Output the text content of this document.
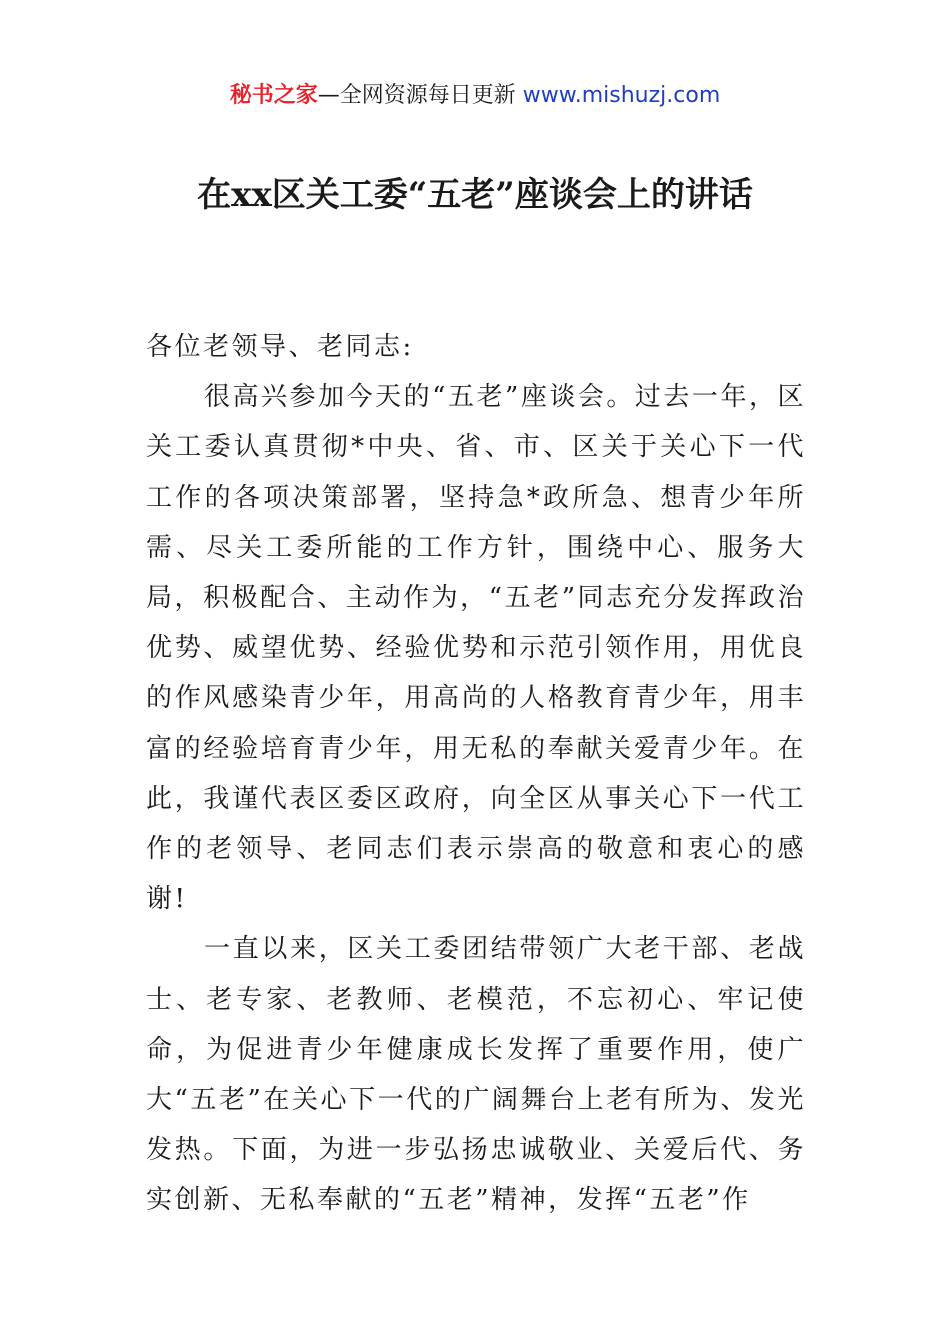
秘书之家—全网资源每日更新 www.mishuzj.com
在xx区关工委“五老”座谈会上的讲话

各位老领导、老同志:

很高兴参加今天的“五老”座谈会。过去一年，区关工委认真贯彻*中央、省、市、区关于关心下一代工作的各项决策部署，坚持急*政所急、想青少年所需、尽关工委所能的工作方针，围绕中心、服务大局，积极配合、主动作为，“五老”同志充分发挥政治优势、威望优势、经验优势和示范引领作用，用优良的作风感染青少年，用高尚的人格教育青少年，用丰富的经验培育青少年，用无私的奉献关爱青少年。在此，我谨代表区委区政府，向全区从事关心下一代工作的老领导、老同志们表示崇高的敬意和衷心的感谢!

一直以来，区关工委团结带领广大老干部、老战士、老专家、老教师、老模范，不忘初心、牢记使命，为促进青少年健康成长发挥了重要作用，使广大“五老”在关心下一代的广阔舞台上老有所为、发光发热。下面，为进一步弘扬忠诚敬业、关爱后代、务实创新、无私奉献的“五老”精神，发挥“五老”作
